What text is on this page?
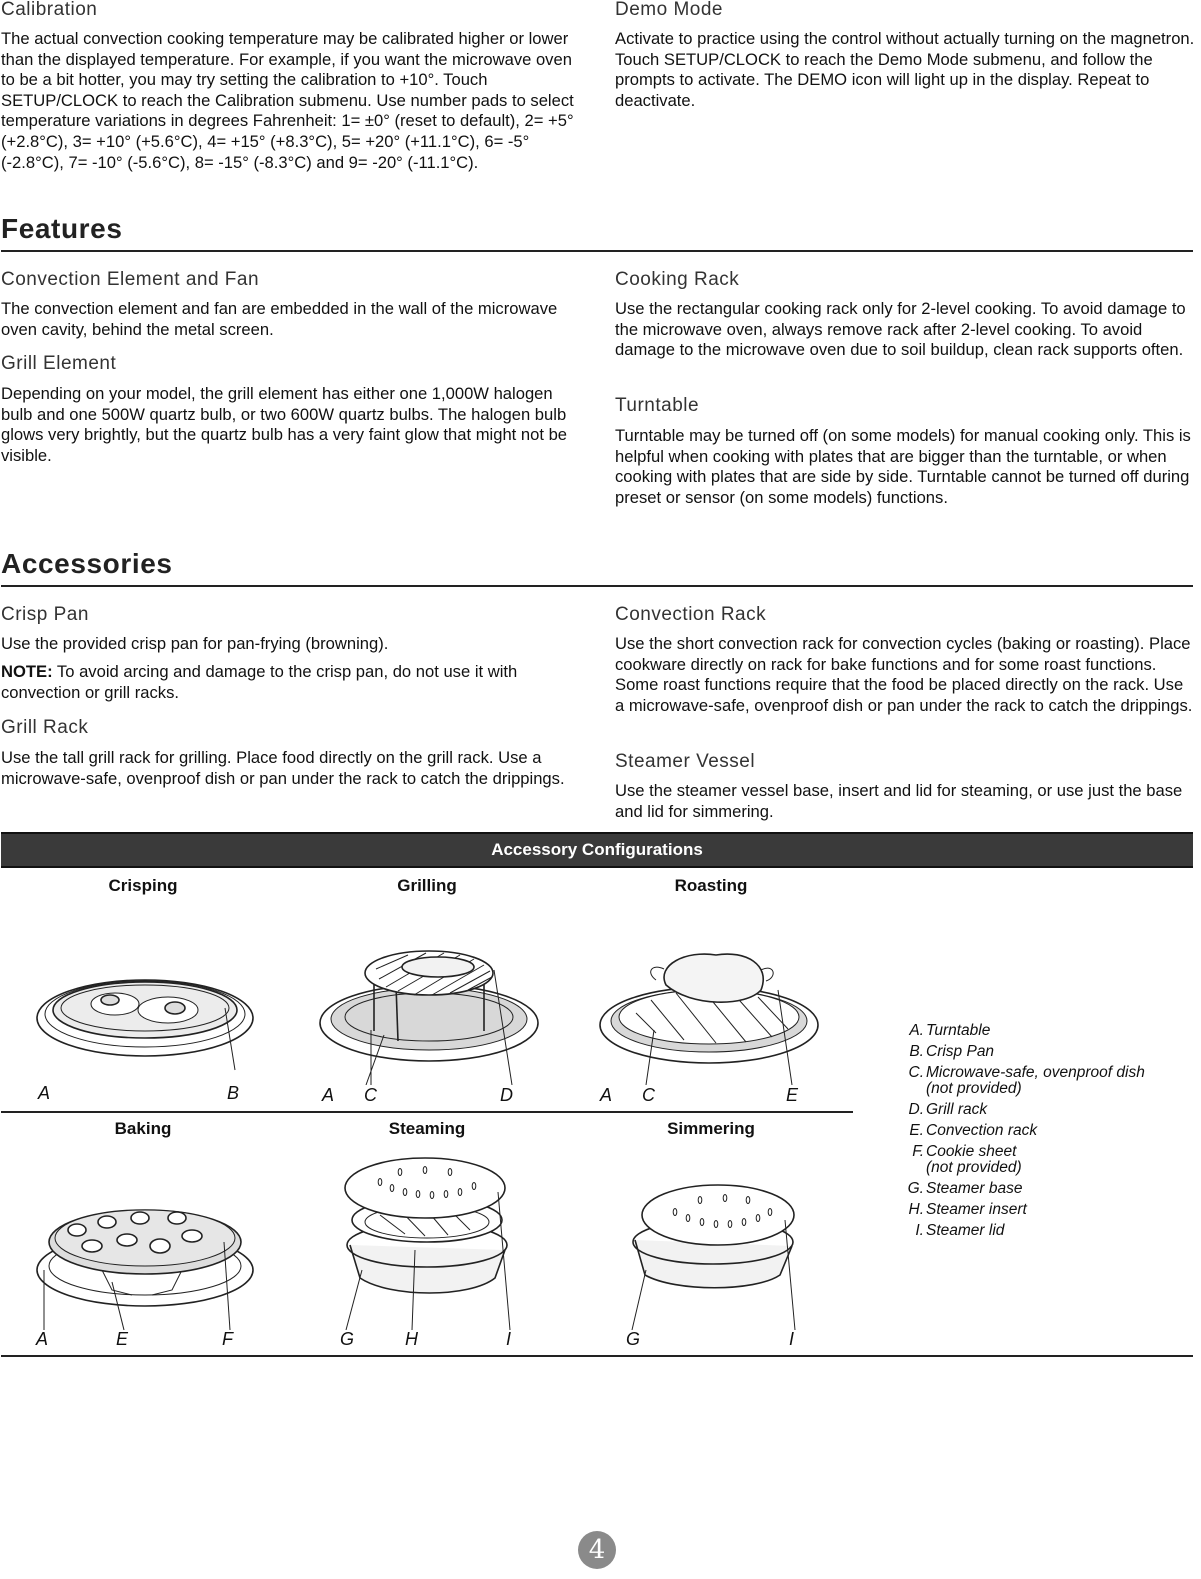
Calibration

The actual convection cooking temperature may be calibrated higher or lower than the displayed temperature. For example, if you want the microwave oven to be a bit hotter, you may try setting the calibration to +10°. Touch SETUP/CLOCK to reach the Calibration submenu. Use number pads to select temperature variations in degrees Fahrenheit: 1= ±0° (reset to default), 2= +5° (+2.8°C), 3= +10° (+5.6°C), 4= +15° (+8.3°C), 5= +20° (+11.1°C), 6= -5° (-2.8°C), 7= -10° (-5.6°C), 8= -15° (-8.3°C) and 9= -20° (-11.1°C).

Demo Mode

Activate to practice using the control without actually turning on the magnetron. Touch SETUP/CLOCK to reach the Demo Mode submenu, and follow the prompts to activate. The DEMO icon will light up in the display. Repeat to deactivate.

Features
Convection Element and Fan

The convection element and fan are embedded in the wall of the microwave oven cavity, behind the metal screen.

Grill Element

Depending on your model, the grill element has either one 1,000W halogen bulb and one 500W quartz bulb, or two 600W quartz bulbs. The halogen bulb glows very brightly, but the quartz bulb has a very faint glow that might not be visible.

Cooking Rack

Use the rectangular cooking rack only for 2-level cooking. To avoid damage to the microwave oven, always remove rack after 2-level cooking. To avoid damage to the microwave oven due to soil buildup, clean rack supports often.

Turntable

Turntable may be turned off (on some models) for manual cooking only. This is helpful when cooking with plates that are bigger than the turntable, or when cooking with plates that are side by side. Turntable cannot be turned off during preset or sensor (on some models) functions.

Accessories
Crisp Pan

Use the provided crisp pan for pan-frying (browning).

NOTE: To avoid arcing and damage to the crisp pan, do not use it with convection or grill racks.

Grill Rack

Use the tall grill rack for grilling. Place food directly on the grill rack. Use a microwave-safe, ovenproof dish or pan under the rack to catch the drippings.

Convection Rack

Use the short convection rack for convection cycles (baking or roasting). Place cookware directly on rack for bake functions and for some roast functions. Some roast functions require that the food be placed directly on the rack. Use a microwave-safe, ovenproof dish or pan under the rack to catch the drippings.

Steamer Vessel

Use the steamer vessel base, insert and lid for steaming, or use just the base and lid for simmering.

Accessory Configurations
Crisping	Grilling	Roasting
Baking	Steaming	Simmering
A	B	A C	D	A C	E
A	E	F	G	H	I	G	I
A. Turntable
B. Crisp Pan
C. Microwave-safe, ovenproof dish
(not provided)
D. Grill rack
E. Convection rack
F. Cookie sheet
(not provided)
G. Steamer base
H. Steamer insert
I. Steamer lid
4
